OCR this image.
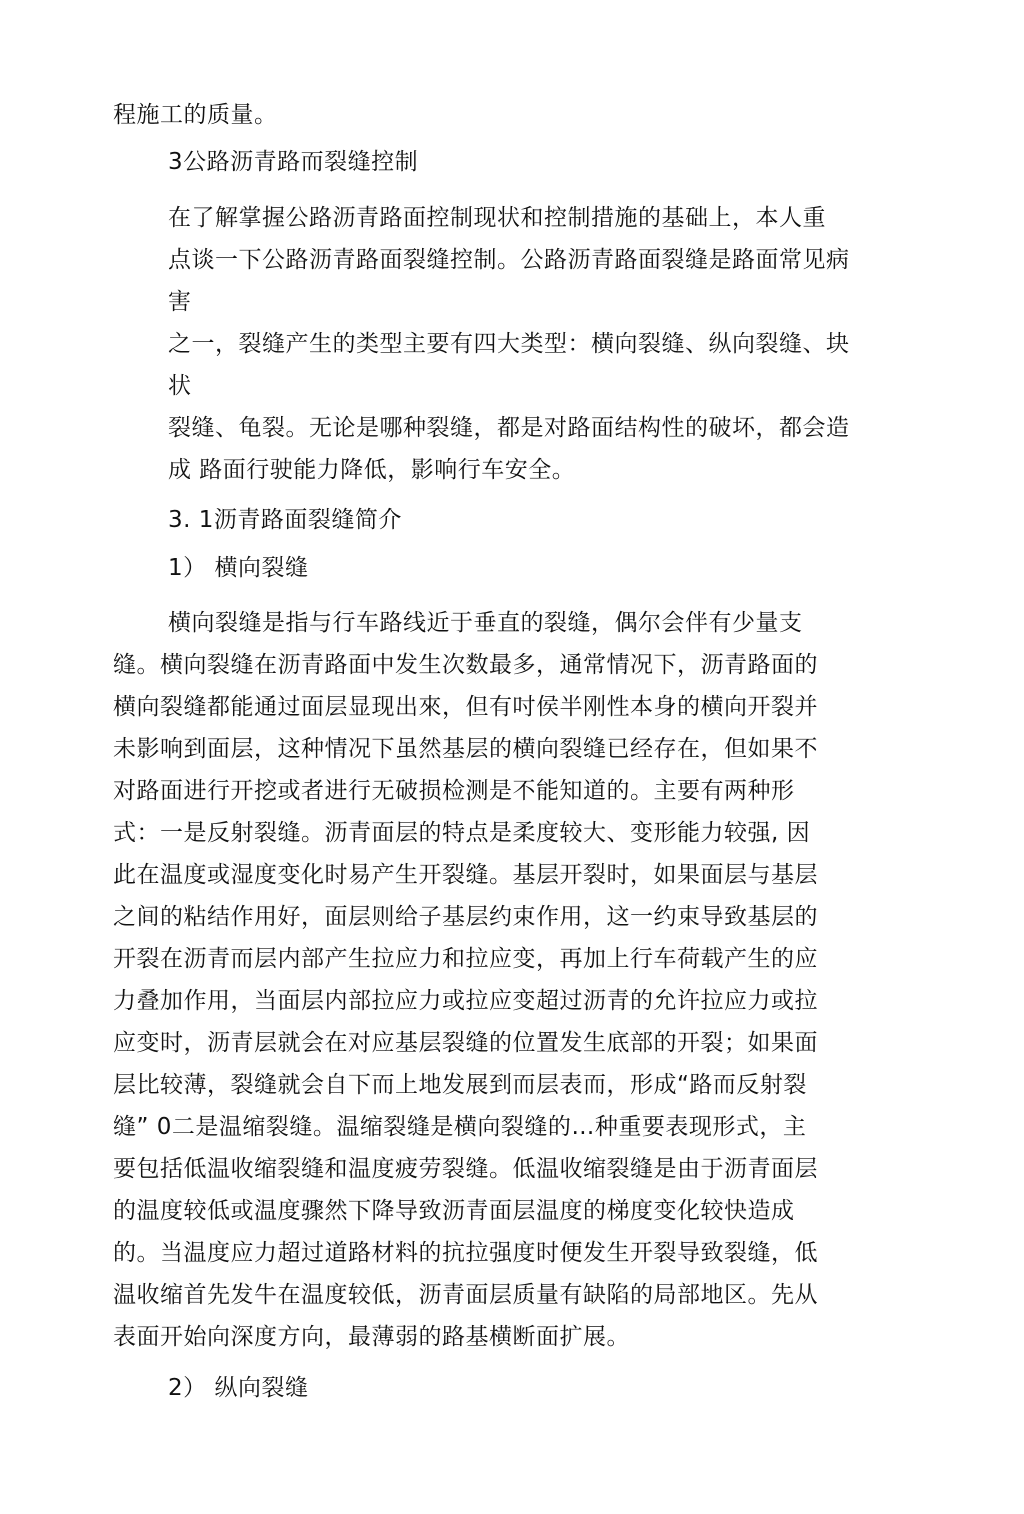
程施工的质量。
3公路沥青路而裂缝控制
在了解掌握公路沥青路面控制现状和控制措施的基础上，本人重
点谈一下公路沥青路面裂缝控制。公路沥青路面裂缝是路面常见病
害
之一，裂缝产生的类型主要有四大类型：横向裂缝、纵向裂缝、块
状
裂缝、龟裂。无论是哪种裂缝，都是对路面结构性的破坏，都会造
成 路面行驶能力降低，影响行车安全。
3. 1沥青路面裂缝简介
1） 横向裂缝
横向裂缝是指与行车路线近于垂直的裂缝，偶尔会伴有少量支
缝。横向裂缝在沥青路面中发生次数最多，通常情况下，沥青路面的
横向裂缝都能通过面层显现出來，但有吋侯半刚性本身的横向开裂并
未影响到面层，这种情况下虽然基层的横向裂缝已经存在，但如果不
对路面进行开挖或者进行无破损检测是不能知道的。主要有两种形
式：一是反射裂缝。沥青面层的特点是柔度较大、变形能力较强, 因
此在温度或湿度变化时易产生开裂缝。基层开裂时，如果面层与基层
之间的粘结作用好，面层则给子基层约束作用，这一约束导致基层的
开裂在沥青而层内部产生拉应力和拉应变，再加上行车荷载产生的应
力叠加作用，当面层内部拉应力或拉应变超过沥青的允许拉应力或拉
应变时，沥青层就会在对应基层裂缝的位置发生底部的开裂；如果面
层比较薄，裂缝就会自下而上地发展到而层表而，形成“路而反射裂
缝” 0二是温缩裂缝。温缩裂缝是横向裂缝的…种重要表现形式，主
要包括低温收缩裂缝和温度疲劳裂缝。低温收缩裂缝是由于沥青面层
的温度较低或温度骤然下降导致沥青面层温度的梯度变化较快造成
的。当温度应力超过道路材料的抗拉强度时便发生开裂导致裂缝，低
温收缩首先发牛在温度较低，沥青面层质量有缺陷的局部地区。先从
表面开始向深度方向，最薄弱的路基横断面扩展。
2） 纵向裂缝
